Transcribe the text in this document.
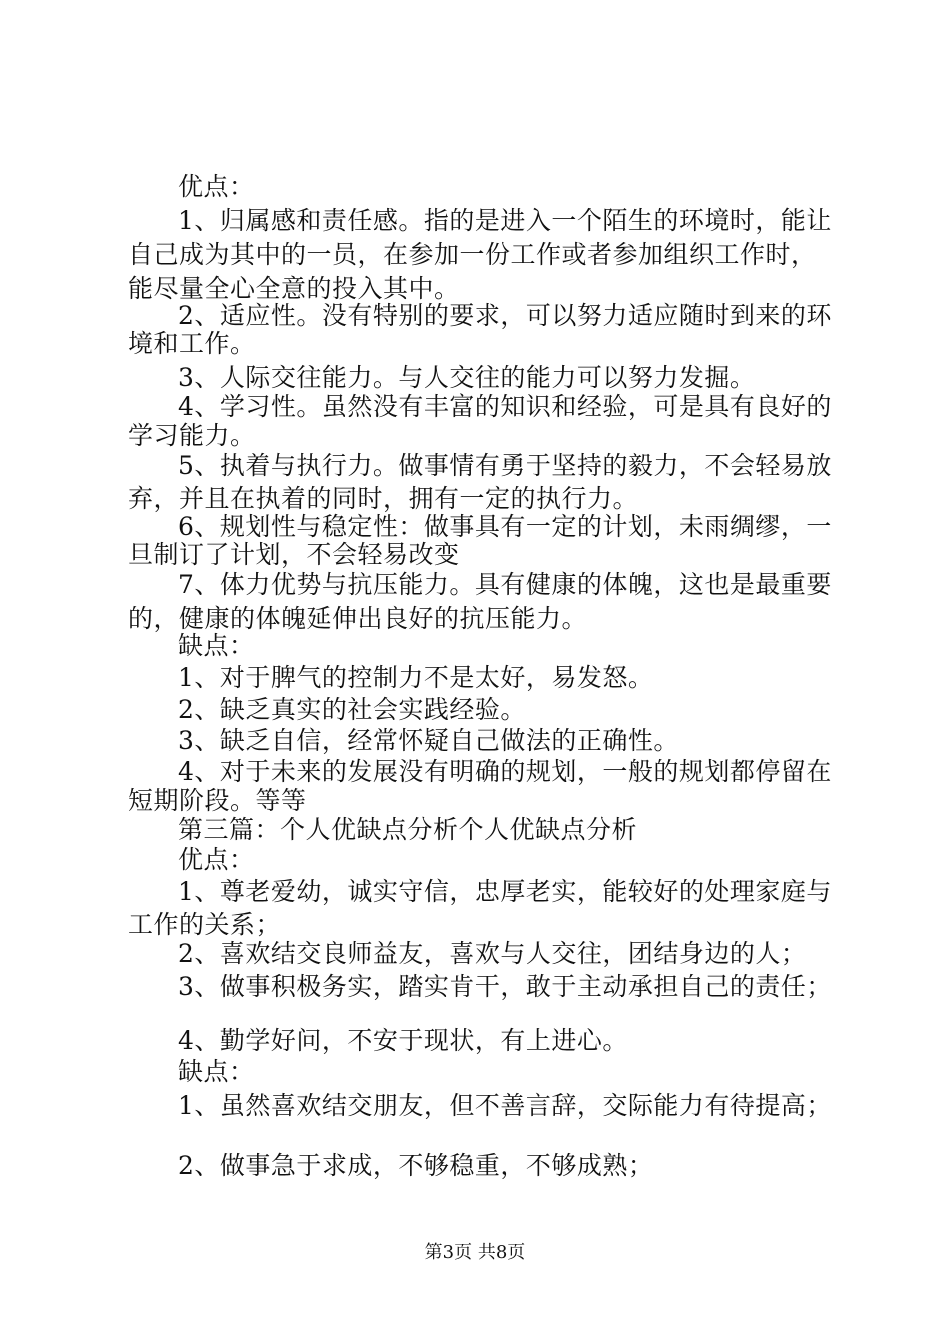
优点：
1、归属感和责任感。指的是进入一个陌生的环境时，能让
自己成为其中的一员，在参加一份工作或者参加组织工作时，
能尽量全心全意的投入其中。
2、适应性。没有特别的要求，可以努力适应随时到来的环
境和工作。
3、人际交往能力。与人交往的能力可以努力发掘。
4、学习性。虽然没有丰富的知识和经验，可是具有良好的
学习能力。
5、执着与执行力。做事情有勇于坚持的毅力，不会轻易放
弃，并且在执着的同时，拥有一定的执行力。
6、规划性与稳定性：做事具有一定的计划，未雨绸缪，一
旦制订了计划，不会轻易改变
7、体力优势与抗压能力。具有健康的体魄，这也是最重要
的，健康的体魄延伸出良好的抗压能力。
缺点：
1、对于脾气的控制力不是太好，易发怒。
2、缺乏真实的社会实践经验。
3、缺乏自信，经常怀疑自己做法的正确性。
4、对于未来的发展没有明确的规划，一般的规划都停留在
短期阶段。等等
第三篇：个人优缺点分析个人优缺点分析
优点：
1、尊老爱幼，诚实守信，忠厚老实，能较好的处理家庭与
工作的关系；
2、喜欢结交良师益友，喜欢与人交往，团结身边的人；
3、做事积极务实，踏实肯干，敢于主动承担自己的责任；
4、勤学好问，不安于现状，有上进心。
缺点：
1、虽然喜欢结交朋友，但不善言辞，交际能力有待提高；
2、做事急于求成，不够稳重，不够成熟；
第3页 共8页
